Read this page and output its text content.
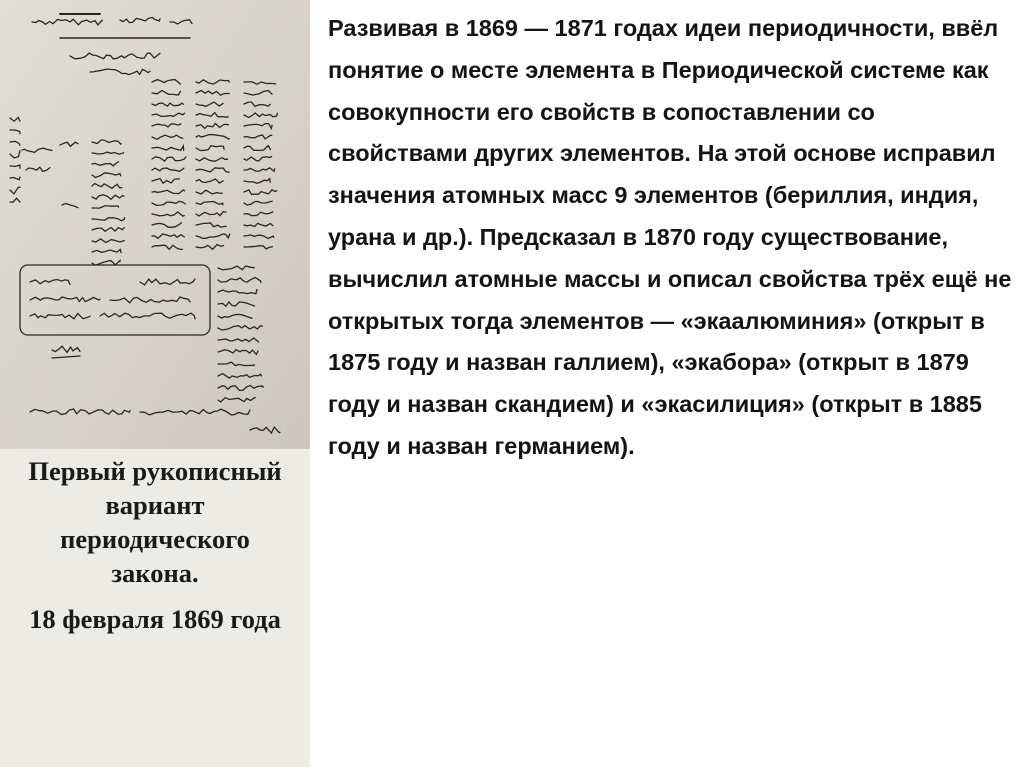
Первый рукописный вариант периодического закона.

18 февраля 1869 года

Развивая в 1869 — 1871 годах идеи периодичности, ввёл понятие о месте элемента в Периодической системе как совокупности его свойств в сопоставлении со свойствами других элементов. На этой основе исправил значения атомных масс 9 элементов (бериллия, индия, урана и др.). Предсказал в 1870 году существование, вычислил атомные массы и описал свойства трёх ещё не открытых тогда элементов — «экаалюминия» (открыт в 1875 году и назван галлием), «экабора» (открыт в 1879 году и назван скандием) и «экасилиция» (открыт в 1885 году и назван германием).
